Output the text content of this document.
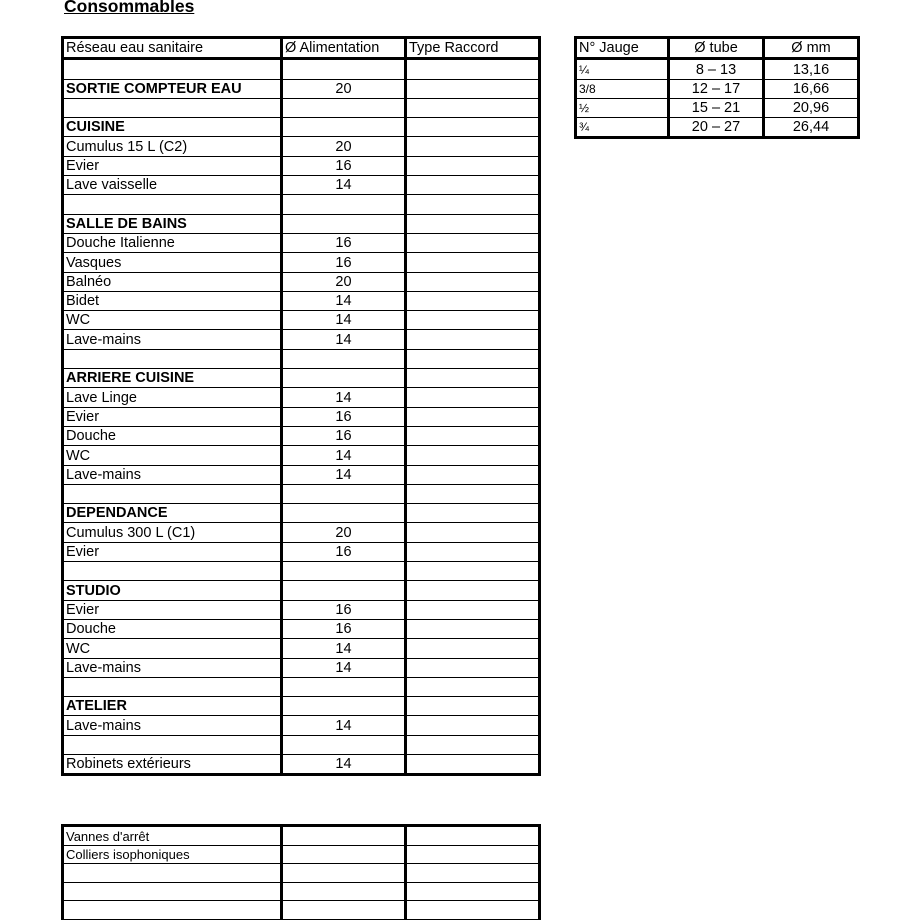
Consommables
Réseau eau sanitaire	Ø Alimentation	Type Raccord

SORTIE COMPTEUR EAU	20	

CUISINE		
Cumulus 15 L (C2)	20	
Evier	16	
Lave vaisselle	14	

SALLE DE BAINS		
Douche Italienne	16	
Vasques	16	
Balnéo	20	
Bidet	14	
WC	14	
Lave-mains	14	

ARRIERE CUISINE		
Lave Linge	14	
Evier	16	
Douche	16	
WC	14	
Lave-mains	14	

DEPENDANCE		
Cumulus 300 L (C1)	20	
Evier	16	

STUDIO		
Evier	16	
Douche	16	
WC	14	
Lave-mains	14	

ATELIER		
Lave-mains	14	

Robinets extérieurs	14	
N° Jauge	Ø tube	Ø mm
¼	8 – 13	13,16
3/8	12 – 17	16,66
½	15 – 21	20,96
¾	20 – 27	26,44
Vannes d'arrêt		
Colliers isophoniques		
